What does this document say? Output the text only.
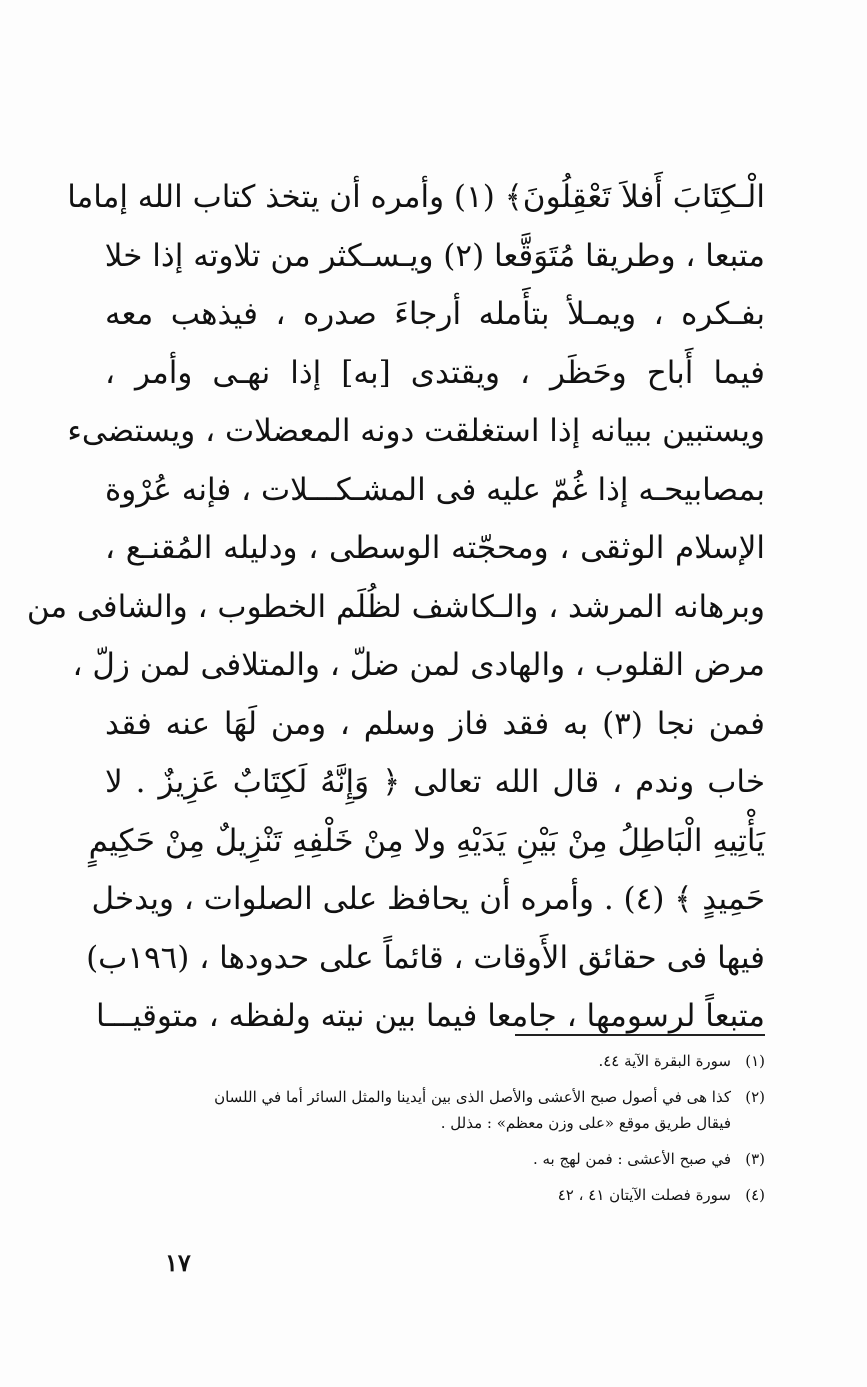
الْـكِتَابَ أَفلاَ تَعْقِلُونَ﴾ (١) وأمره أن يتخذ كتاب الله إماما
متبعا ، وطريقا مُتَوَقَّعا (٢) ويـسـكثر من تلاوته إذا خلا
بفـكره ، ويمـلأ بتأَمله أرجاءَ صدره ، فيذهب معه
فيما أَباح وحَظَر ، ويقتدى [به] إذا نهـى وأمر ،
ويستبين ببيانه إذا استغلقت دونه المعضلات ، ويستضىء
بمصابيحـه إذا غُمّ عليه فى المشـكـــلات ، فإنه عُرْوة
الإسلام الوثقى ، ومحجّته الوسطى ، ودليله المُقنـع ،
وبرهانه المرشد ، والـكاشف لظُلَم الخطوب ، والشافى من
مرض القلوب ، والهادى لمن ضلّ ، والمتلافى لمن زلّ ،
فمن نجا (٣) به فقد فاز وسلم ، ومن لَهَا عنه فقد
خاب وندم ، قال الله تعالى ﴿ وَإِنَّهُ لَكِتَابٌ عَزِيزٌ . لا
يَأْتِيهِ الْبَاطِلُ مِنْ بَيْنِ يَدَيْهِ ولا مِنْ خَلْفِهِ تَنْزِيلٌ مِنْ حَكِيمٍ
حَمِيدٍ ﴾ (٤) . وأمره أن يحافظ على الصلوات ، ويدخل
فيها فى حقائق الأَوقات ، قائماً على حدودها ، (١٩٦ب)
متبعاً لرسومها ، جامعا فيما بين نيته ولفظه ، متوقيـــا
(١)
سورة البقرة الآية ٤٤.
(٢)
كذا هى في أصول صبح الأعشى والأصل الذى بين أيدينا والمثل السائر أما في اللسان
فيقال طريق موقع «على وزن معظم» : مذلل .
(٣)
في صبح الأعشى : فمن لهج به .
(٤)
سورة فصلت الآيتان ٤١ ، ٤٢
١٧
